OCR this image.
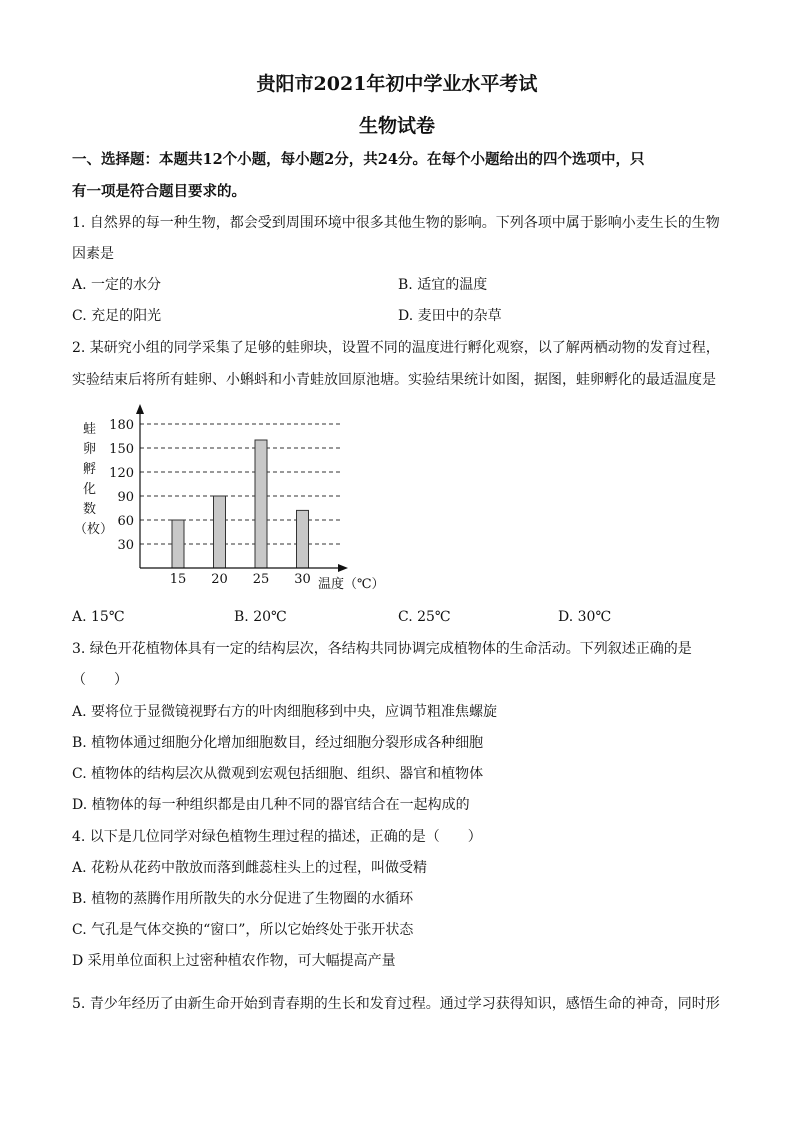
贵阳市2021年初中学业水平考试
生物试卷
一、选择题：本题共12个小题，每小题2分，共24分。在每个小题给出的四个选项中，只
有一项是符合题目要求的。
1. 自然界的每一种生物，都会受到周围环境中很多其他生物的影响。下列各项中属于影响小麦生长的生物
因素是
A. 一定的水分	B. 适宜的温度
C. 充足的阳光	D. 麦田中的杂草
2. 某研究小组的同学采集了足够的蛙卵块，设置不同的温度进行孵化观察，以了解两栖动物的发育过程，
实验结束后将所有蛙卵、小蝌蚪和小青蛙放回原池塘。实验结果统计如图，据图，蛙卵孵化的最适温度是
蛙
卵
孵
化
数
（枚）
30
60
90
120
150
180
15 20 25 30 温度（℃）
A. 15℃	B. 20℃	C. 25℃	D. 30℃
3. 绿色开花植物体具有一定的结构层次，各结构共同协调完成植物体的生命活动。下列叙述正确的是
（　　）
A. 要将位于显微镜视野右方的叶肉细胞移到中央，应调节粗准焦螺旋
B. 植物体通过细胞分化增加细胞数目，经过细胞分裂形成各种细胞
C. 植物体的结构层次从微观到宏观包括细胞、组织、器官和植物体
D. 植物体的每一种组织都是由几种不同的器官结合在一起构成的
4. 以下是几位同学对绿色植物生理过程的描述，正确的是（　　）
A. 花粉从花药中散放而落到雌蕊柱头上的过程，叫做受精
B. 植物的蒸腾作用所散失的水分促进了生物圈的水循环
C. 气孔是气体交换的“窗口”，所以它始终处于张开状态
D 采用单位面积上过密种植农作物，可大幅提高产量
5. 青少年经历了由新生命开始到青春期的生长和发育过程。通过学习获得知识，感悟生命的神奇，同时形
